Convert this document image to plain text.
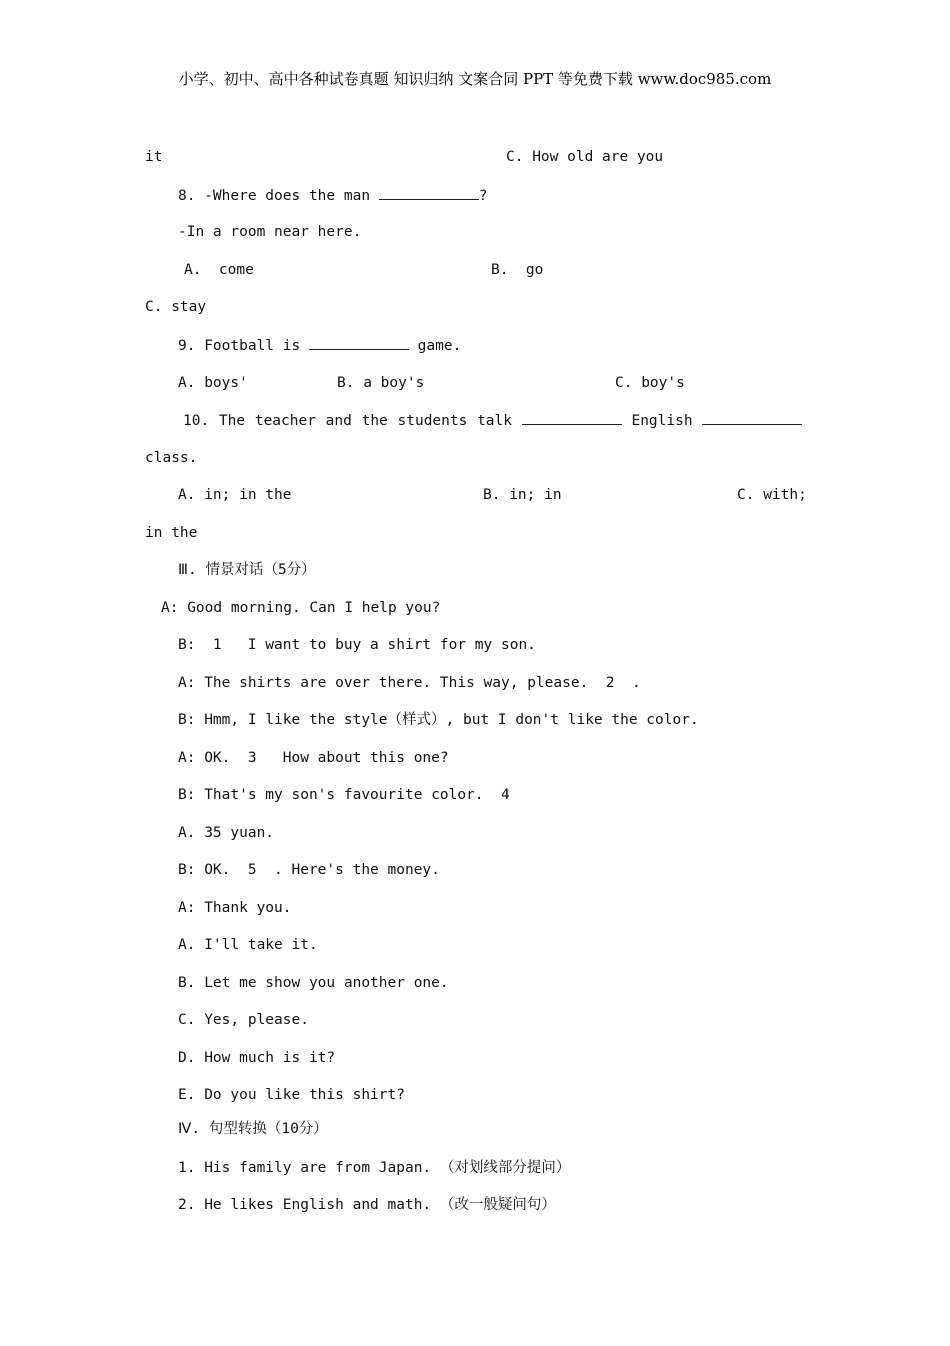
小学、初中、高中各种试卷真题 知识归纳 文案合同 PPT 等免费下载 www.doc985.com
it	C. How old are you
8. -Where does the man	?
-In a room near here.
A.  come	B.  go
C. stay
9. Football is	game.
A. boys'	B. a boy's	C. boy's
10. The teacher and the students talk	English
class.
A. in; in the	B. in; in	C. with;
in the
Ⅲ. 情景对话（5分）
A: Good morning. Can I help you?
B:  1   I want to buy a shirt for my son.
A: The shirts are over there. This way, please.  2  .
B: Hmm, I like the style（样式）, but I don't like the color.
A: OK.  3   How about this one?
B: That's my son's favourite color.  4
A. 35 yuan.
B: OK.  5  . Here's the money.
A: Thank you.
A. I'll take it.
B. Let me show you another one.
C. Yes, please.
D. How much is it?
E. Do you like this shirt?
Ⅳ. 句型转换（10分）
1. His family are from Japan. （对划线部分提问）
2. He likes English and math. （改一般疑问句）
